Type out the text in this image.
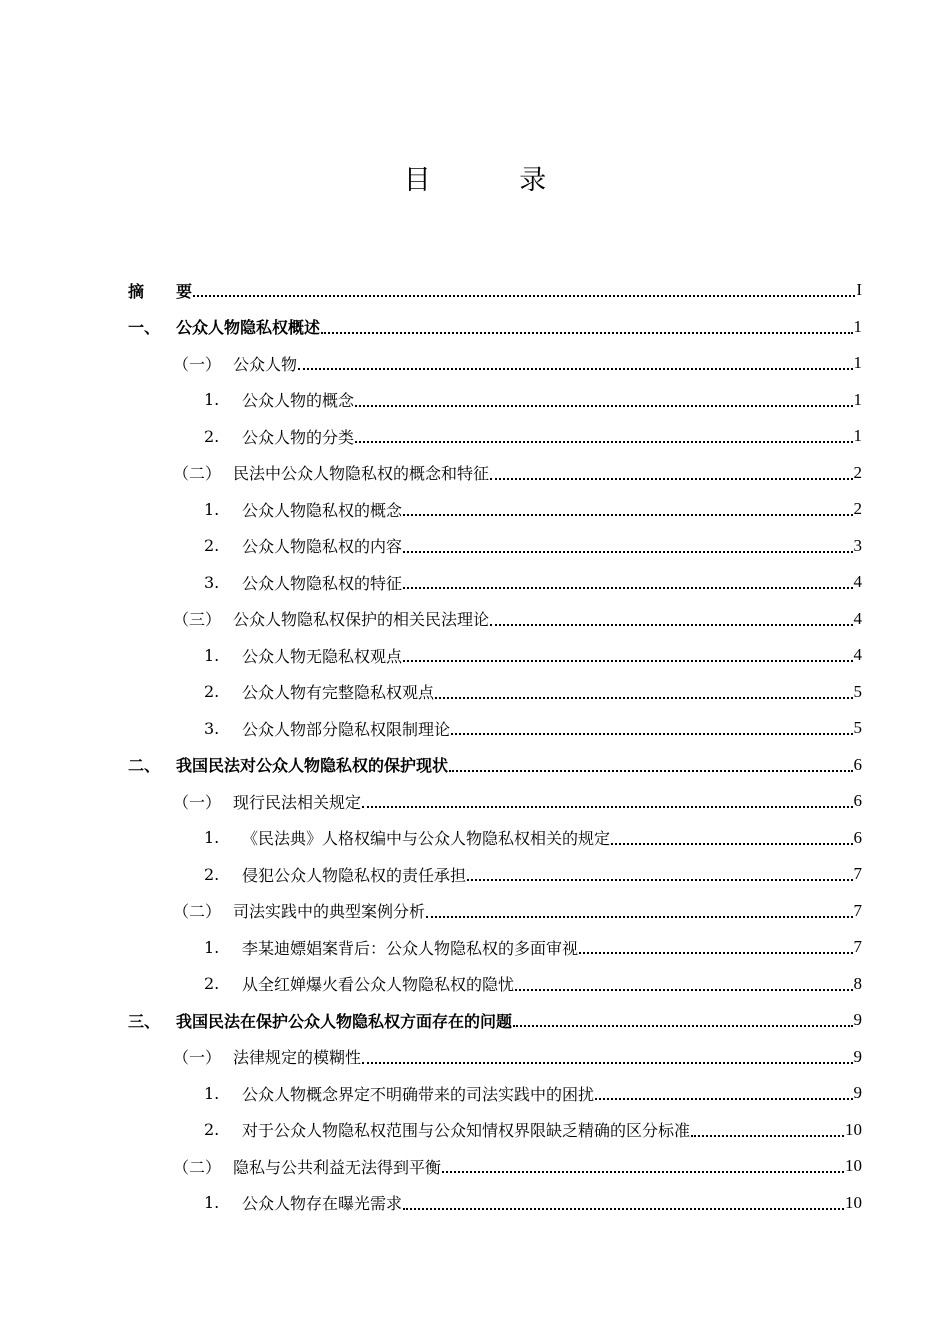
目 录
摘　　要	I
一、 公众人物隐私权概述	1
（一） 公众人物	1
1.	公众人物的概念	1
2.	公众人物的分类	1
（二） 民法中公众人物隐私权的概念和特征	2
1.	公众人物隐私权的概念	2
2.	公众人物隐私权的内容	3
3.	公众人物隐私权的特征	4
（三） 公众人物隐私权保护的相关民法理论	4
1.	公众人物无隐私权观点	4
2.	公众人物有完整隐私权观点	5
3.	公众人物部分隐私权限制理论	5
二、 我国民法对公众人物隐私权的保护现状	6
（一） 现行民法相关规定	6
1.	《民法典》人格权编中与公众人物隐私权相关的规定	6
2.	侵犯公众人物隐私权的责任承担	7
（二） 司法实践中的典型案例分析	7
1.	李某迪嫖娼案背后：公众人物隐私权的多面审视	7
2.	从全红婵爆火看公众人物隐私权的隐忧	8
三、 我国民法在保护公众人物隐私权方面存在的问题	9
（一） 法律规定的模糊性	9
1.	公众人物概念界定不明确带来的司法实践中的困扰	9
2.	对于公众人物隐私权范围与公众知情权界限缺乏精确的区分标准	10
（二） 隐私与公共利益无法得到平衡	10
1.	公众人物存在曝光需求	10
